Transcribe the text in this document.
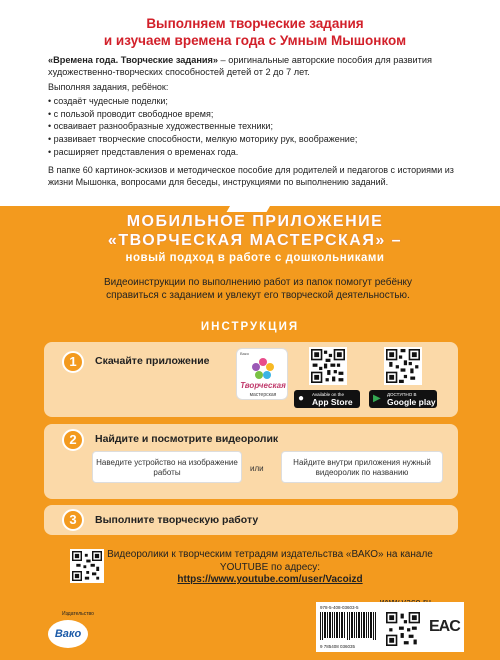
Выполняем творческие задания
и изучаем времена года с Умным Мышонком
«Времена года. Творческие задания» – оригинальные авторские пособия для развития художественно-творческих способностей детей от 2 до 7 лет.
Выполняя задания, ребёнок:
• создаёт чудесные поделки;
• с пользой проводит свободное время;
• осваивает разнообразные художественные техники;
• развивает творческие способности, мелкую моторику рук, воображение;
• расширяет представления о временах года.
В папке 60 картинок-эскизов и методическое пособие для родителей и педагогов с историями из жизни Мышонка, вопросами для беседы, инструкциями по выполнению заданий.
МОБИЛЬНОЕ ПРИЛОЖЕНИЕ
«ТВОРЧЕСКАЯ МАСТЕРСКАЯ» –
новый подход в работе с дошкольниками
Видеоинструкции по выполнению работ из папок помогут ребёнку справиться с заданием и увлекут его творческой деятельностью.
ИНСТРУКЦИЯ
1	Скачайте приложение
Вако
Творческая
мастерская	● Available on the
App Store ▶ ДОСТУПНО В
Google play
2	Найдите и посмотрите видеоролик
Наведите устройство на изображение работы	или
Найдите внутри приложения нужный видеоролик по названию
3	Выполните творческую работу
Видеоролики к творческим тетрадям издательства «ВАКО» на канале YOUTUBE по адресу:
https://www.youtube.com/user/Vacoizd
Издательство
Вако
978-5-408-03603-5
9 785408 036035
EAC
